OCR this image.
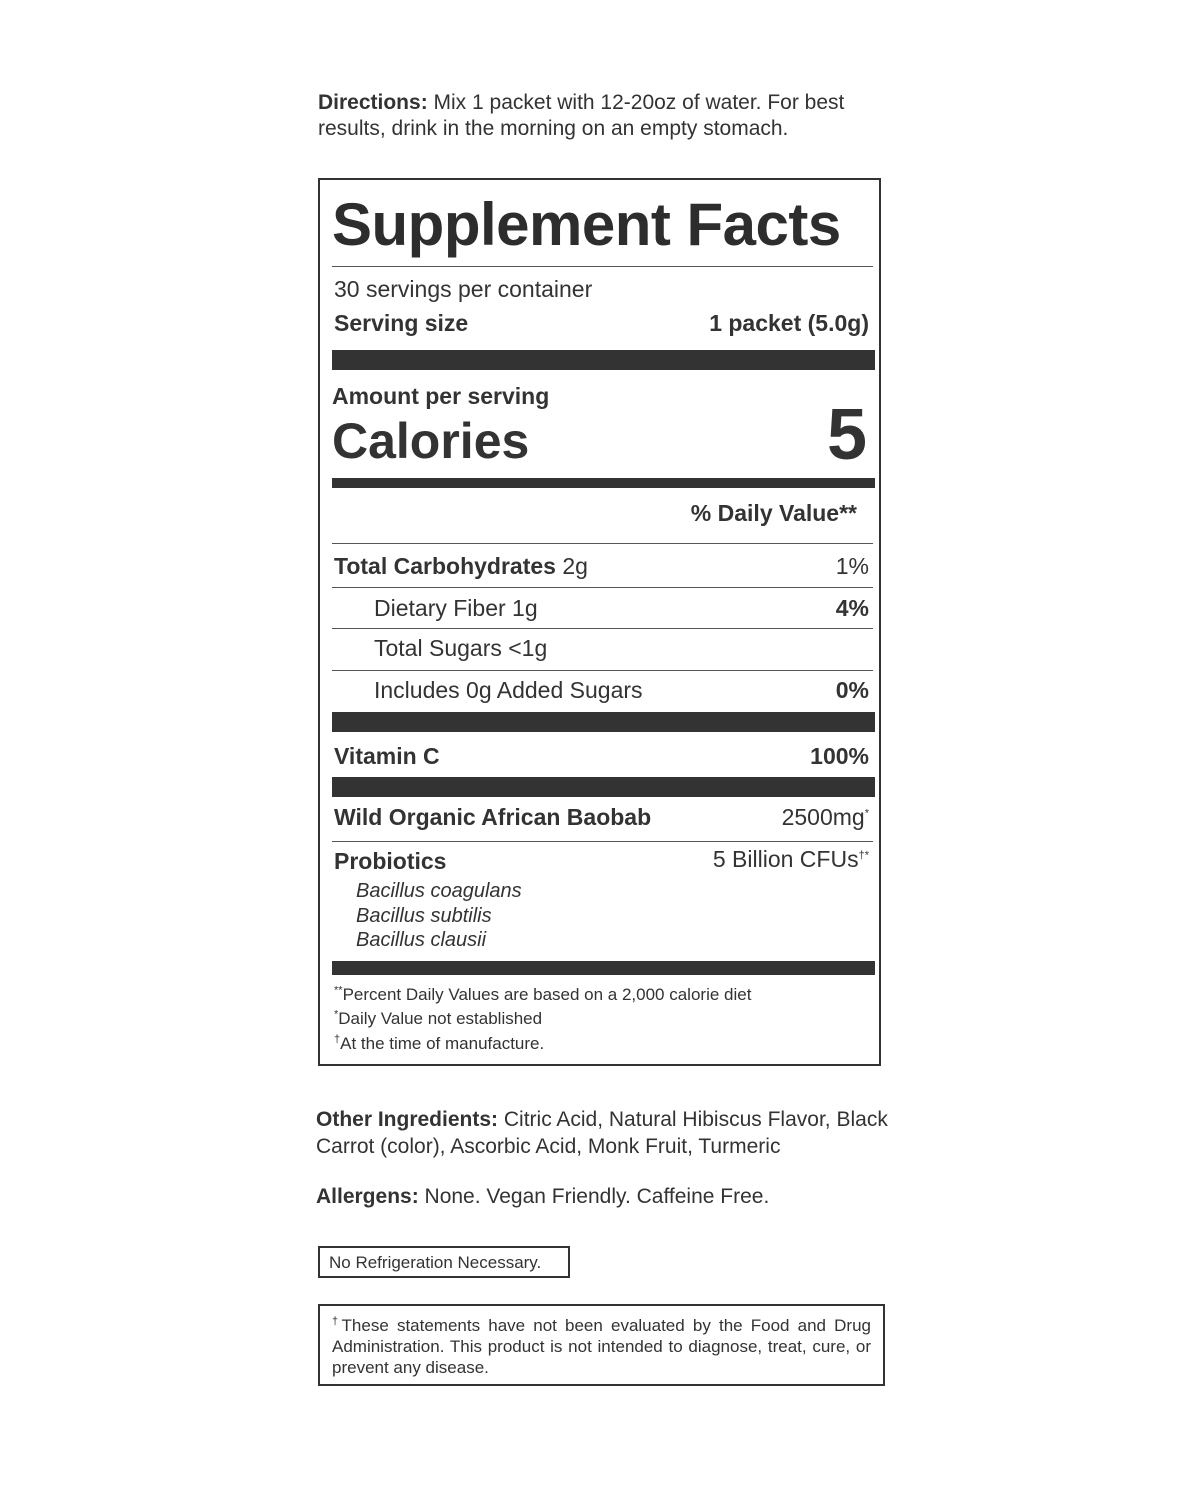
Directions: Mix 1 packet with 12-20oz of water. For best results, drink in the morning on an empty stomach.
Supplement Facts
30 servings per container
Serving size	1 packet (5.0g)
Amount per serving
Calories	5
% Daily Value**
Total Carbohydrates 2g	1%
Dietary Fiber 1g	4%
Total Sugars <1g
Includes 0g Added Sugars	0%
Vitamin C	100%
Wild Organic African Baobab	2500mg*
Probiotics	5 Billion CFUs†*
Bacillus coagulans
Bacillus subtilis
Bacillus clausii
**Percent Daily Values are based on a 2,000 calorie diet
*Daily Value not established
†At the time of manufacture.
Other Ingredients: Citric Acid, Natural Hibiscus Flavor, Black Carrot (color), Ascorbic Acid, Monk Fruit, Turmeric
Allergens: None. Vegan Friendly. Caffeine Free.
No Refrigeration Necessary.
†These statements have not been evaluated by the Food and Drug Administration. This product is not intended to diagnose, treat, cure, or prevent any disease.
